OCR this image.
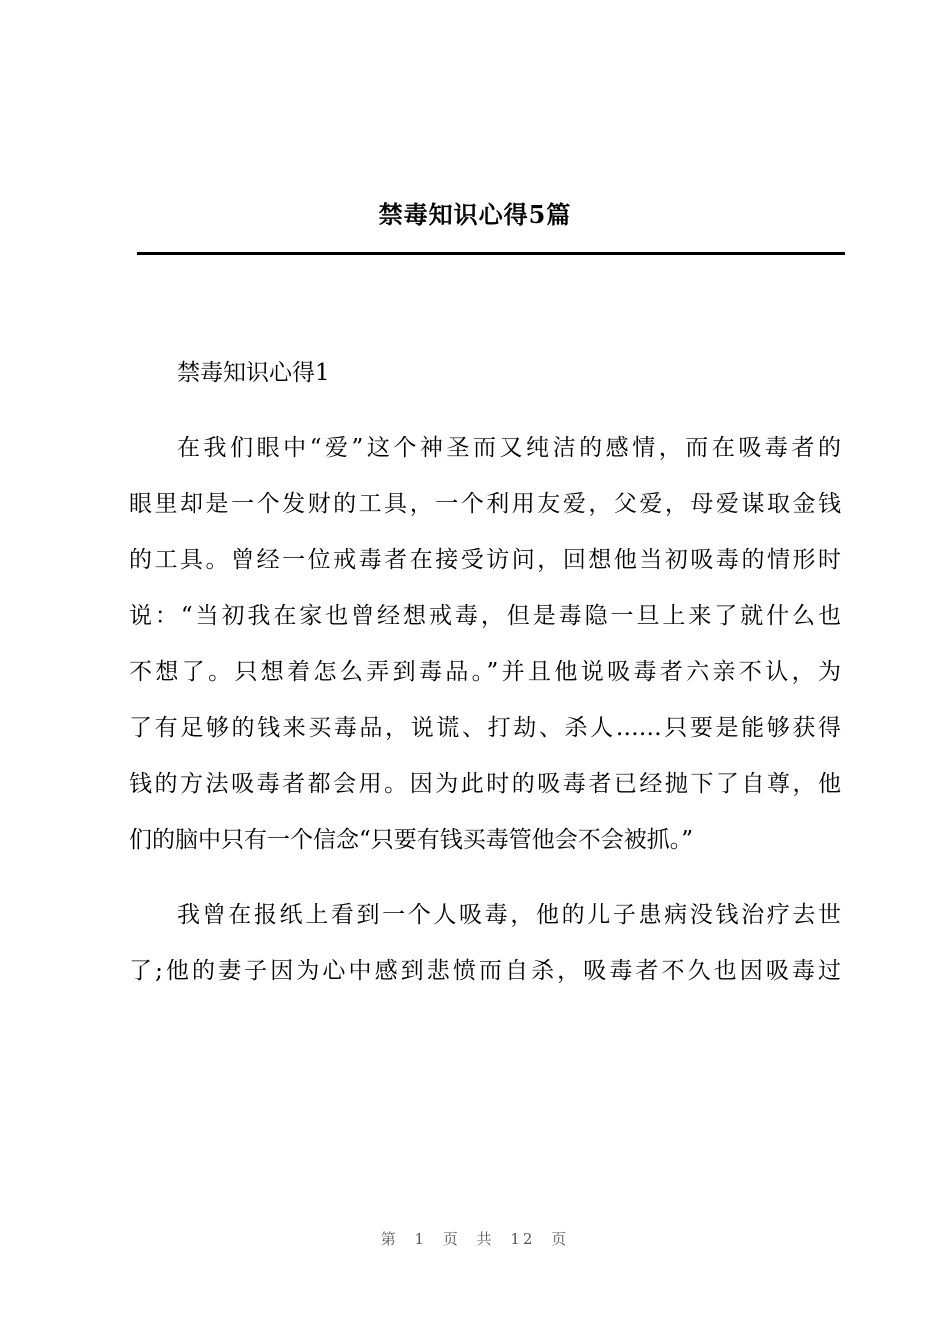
禁毒知识心得5篇
禁毒知识心得1
在我们眼中“爱”这个神圣而又纯洁的感情，而在吸毒者的
眼里却是一个发财的工具，一个利用友爱，父爱，母爱谋取金钱
的工具。曾经一位戒毒者在接受访问，回想他当初吸毒的情形时
说：“当初我在家也曾经想戒毒，但是毒隐一旦上来了就什么也
不想了。只想着怎么弄到毒品。”并且他说吸毒者六亲不认，为
了有足够的钱来买毒品，说谎、打劫、杀人……只要是能够获得
钱的方法吸毒者都会用。因为此时的吸毒者已经抛下了自尊，他
们的脑中只有一个信念“只要有钱买毒管他会不会被抓。”
我曾在报纸上看到一个人吸毒，他的儿子患病没钱治疗去世
了;他的妻子因为心中感到悲愤而自杀，吸毒者不久也因吸毒过
第 1 页 共 12 页
